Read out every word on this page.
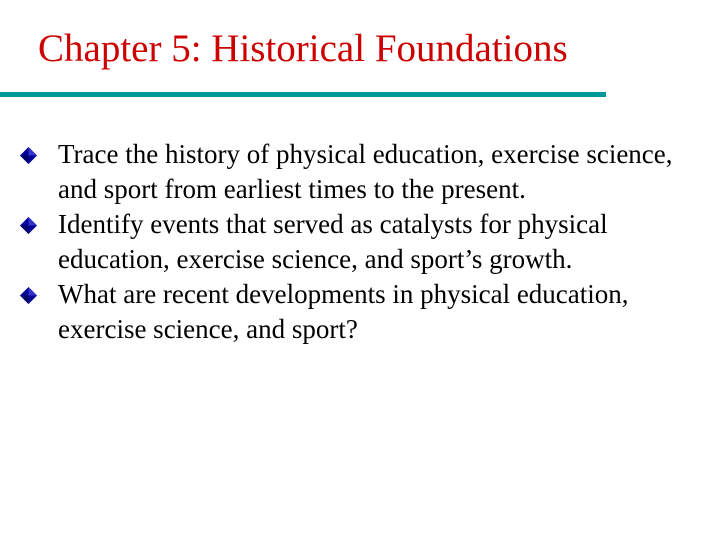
Chapter 5: Historical Foundations
Trace the history of physical education, exercise science, and sport from earliest times to the present.
Identify events that served as catalysts for physical education, exercise science, and sport’s growth.
What are recent developments in physical education, exercise science, and sport?
